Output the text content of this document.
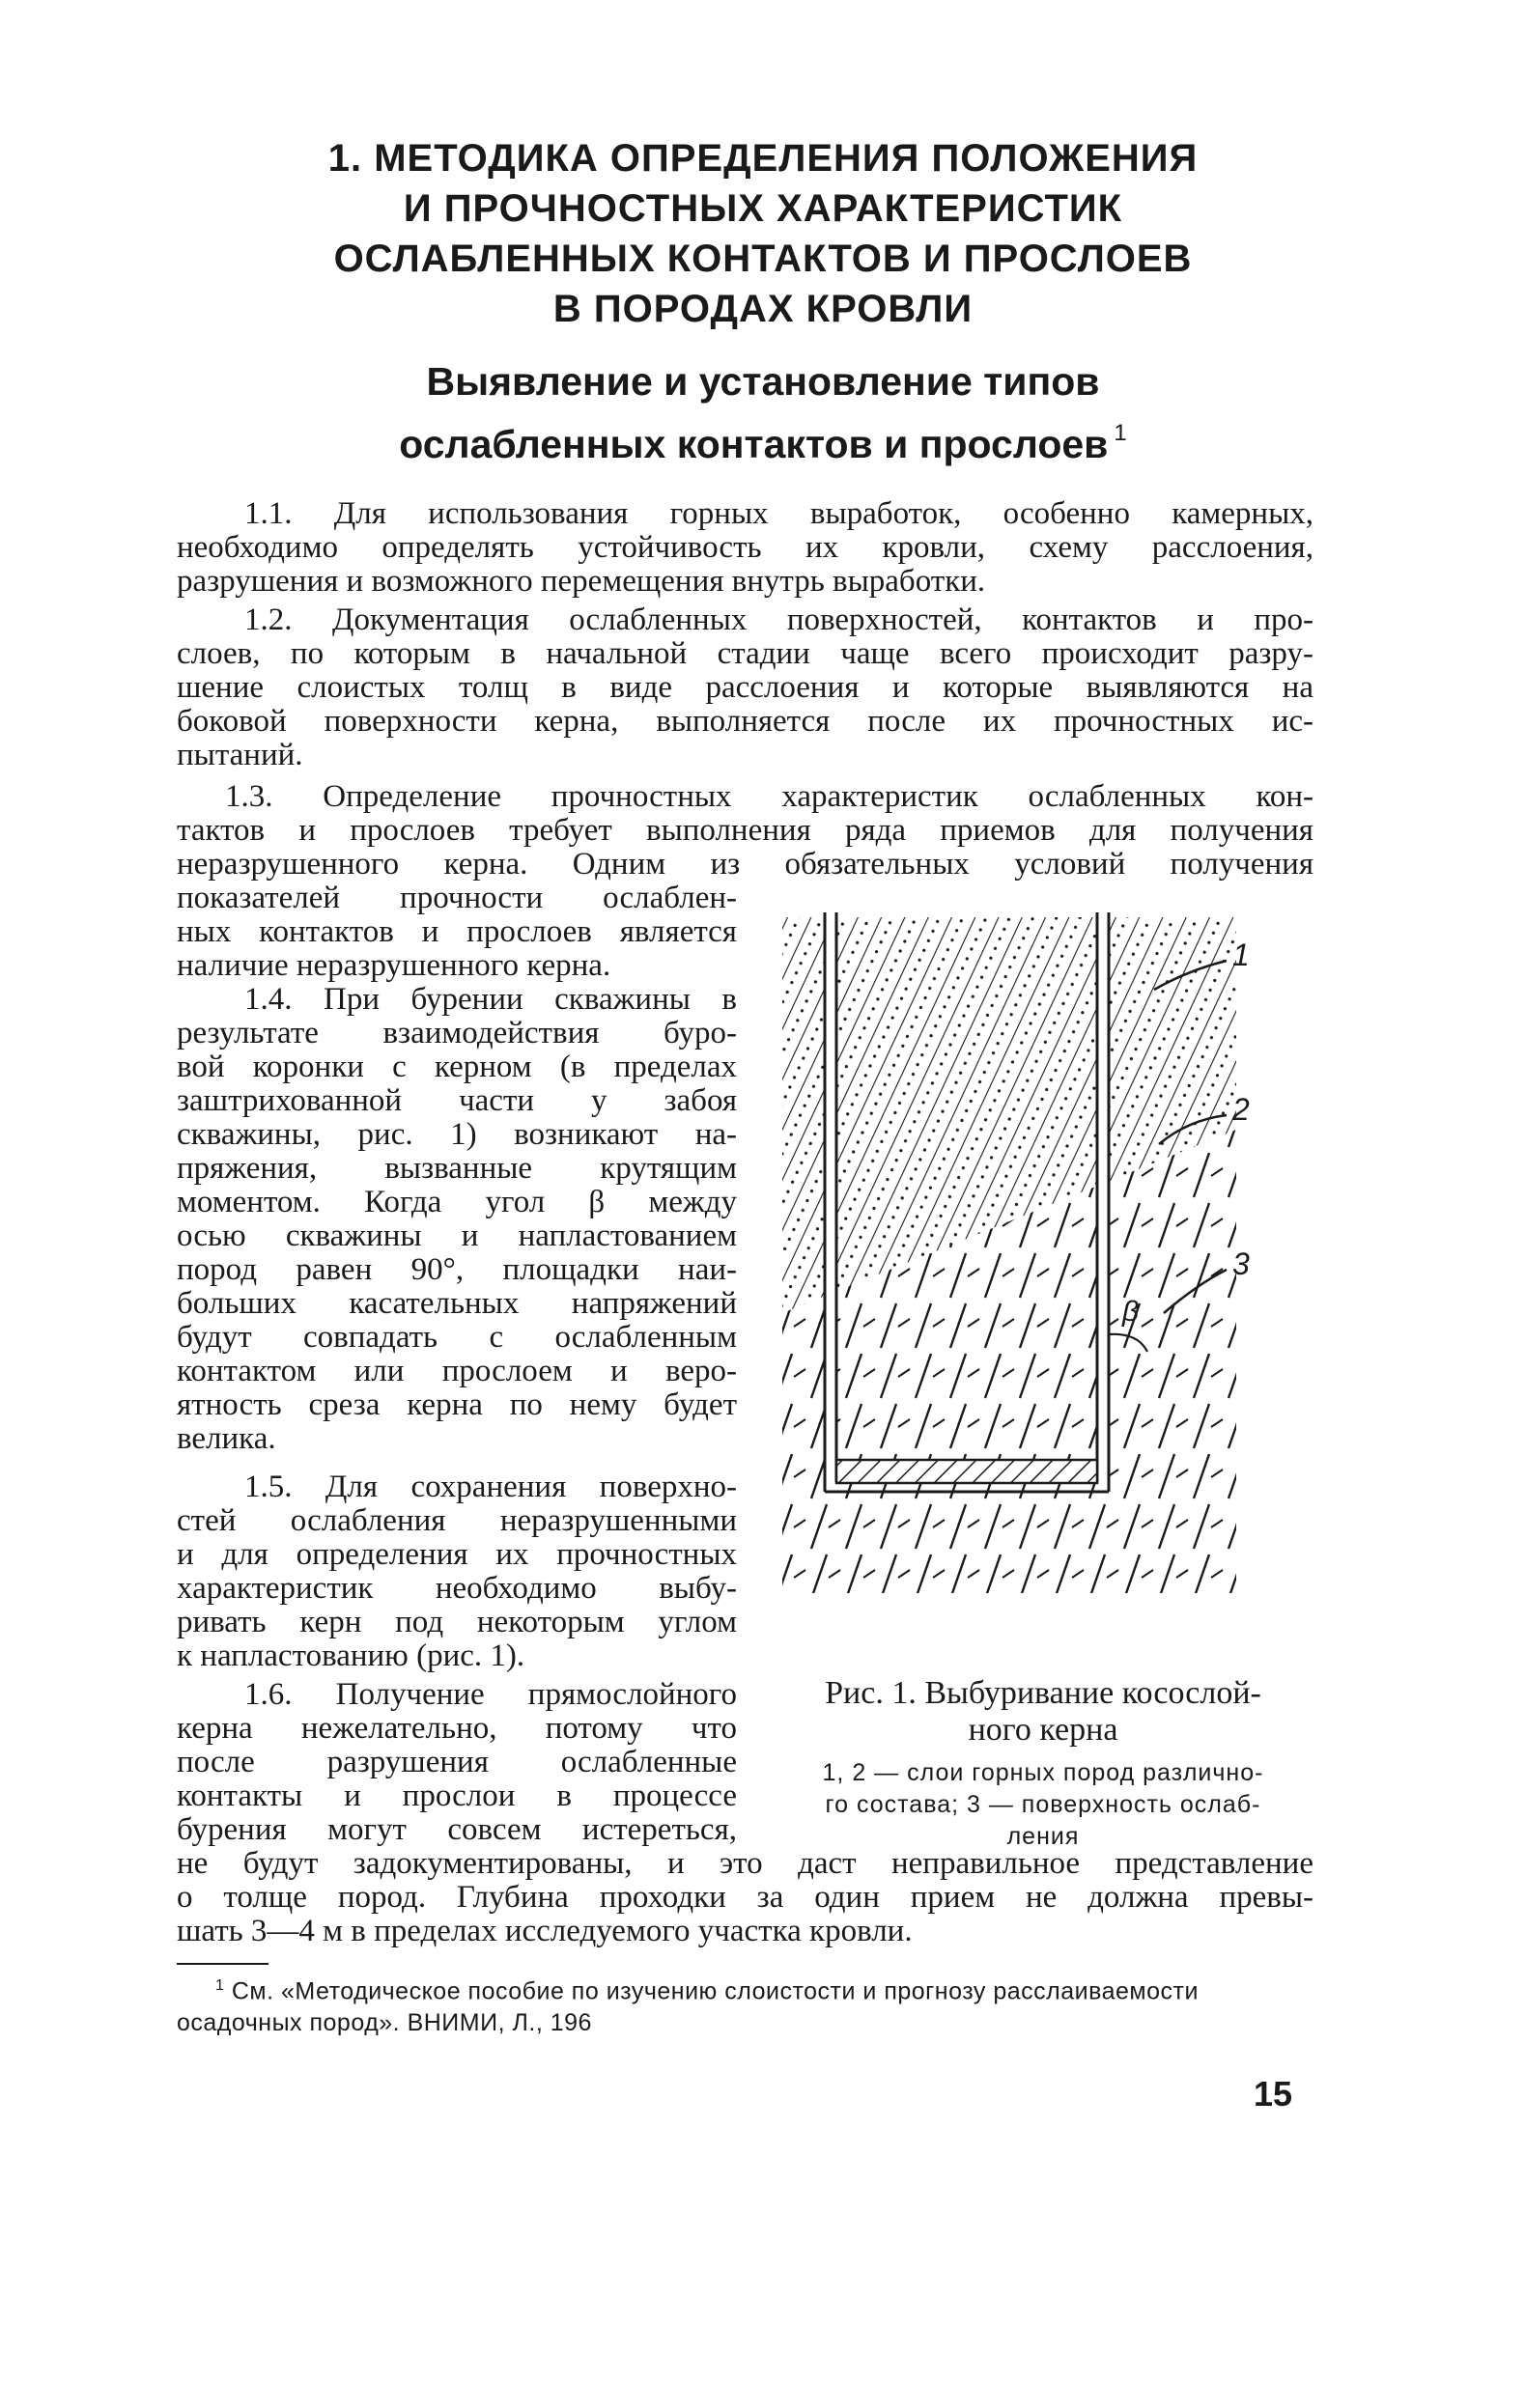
1. МЕТОДИКА ОПРЕДЕЛЕНИЯ ПОЛОЖЕНИЯ
И ПРОЧНОСТНЫХ ХАРАКТЕРИСТИК
ОСЛАБЛЕННЫХ КОНТАКТОВ И ПРОСЛОЕВ
В ПОРОДАХ КРОВЛИ
Выявление и установление типов
ослабленных контактов и прослоев $^1$
1.1. Для использования горных выработок, особенно камерных,
необходимо определять устойчивость их кровли, схему расслоения,
разрушения и возможного перемещения внутрь выработки.
1.2. Документация ослабленных поверхностей, контактов и про-
слоев, по которым в начальной стадии чаще всего происходит разру-
шение слоистых толщ в виде расслоения и которые выявляются на
боковой поверхности керна, выполняется после их прочностных ис-
пытаний.
1.3. Определение прочностных характеристик ослабленных кон-
тактов и прослоев требует выполнения ряда приемов для получения
неразрушенного керна. Одним из обязательных условий получения
показателей прочности ослаблен-
ных контактов и прослоев является
наличие неразрушенного керна.
1.4. При бурении скважины в
результате взаимодействия буро-
вой коронки с керном (в пределах
заштрихованной части у забоя
скважины, рис. 1) возникают на-
пряжения, вызванные крутящим
моментом. Когда угол β между
осью скважины и напластованием
пород равен 90°, площадки наи-
больших касательных напряжений
будут совпадать с ослабленным
контактом или прослоем и веро-
ятность среза керна по нему будет
велика.
1.5. Для сохранения поверхно-
стей ослабления неразрушенными
и для определения их прочностных
характеристик необходимо выбу-
ривать керн под некоторым углом
к напластованию (рис. 1).
1.6. Получение прямослойного
керна нежелательно, потому что
после разрушения ослабленные
контакты и прослои в процессе
бурения могут совсем истереться,
не будут задокументированы, и это даст неправильное представление
о толще пород. Глубина проходки за один прием не должна превы-
шать 3—4 м в пределах исследуемого участка кровли.
1
2
3
β
Рис. 1. Выбуривание косослой-
ного керна
1, 2 — слои горных пород различно-
го состава; 3 — поверхность ослаб-
ления
$^1$ См. «Методическое пособие по изучению слоистости и прогнозу расслаиваемости осадочных пород». ВНИМИ, Л., 196
15
